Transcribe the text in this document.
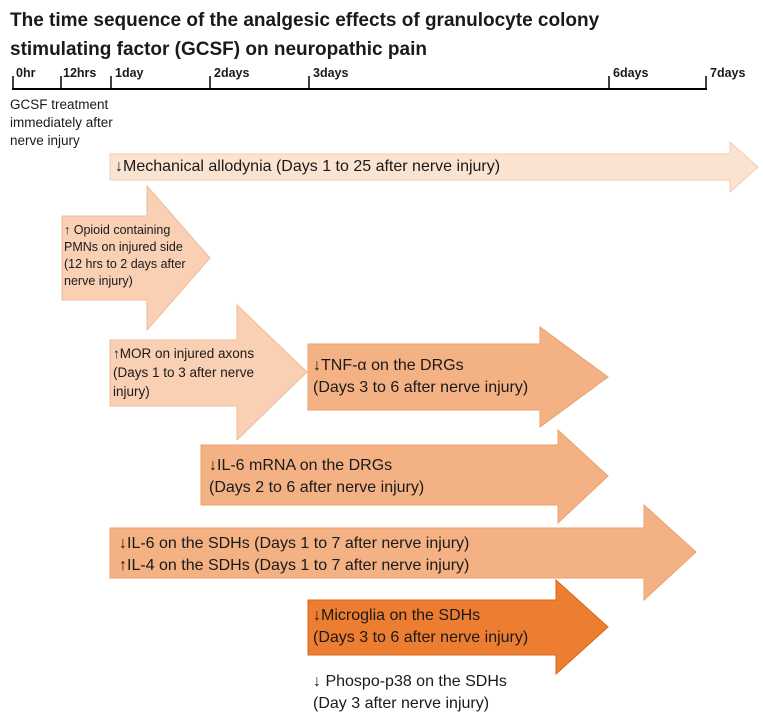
The time sequence of the analgesic effects of granulocyte colony
stimulating factor (GCSF) on neuropathic pain
0hr 12hrs 1day	2days	3days	6days	7days
GCSF treatment
immediately after
nerve injury
↓Mechanical allodynia (Days 1 to 25 after nerve injury)
↑ Opioid containing
PMNs on injured side
(12 hrs to 2 days after
nerve injury)
↑MOR on injured axons
(Days 1 to 3 after nerve
injury)
↓TNF-α on the DRGs
(Days 3 to 6 after nerve injury)
↓IL-6 mRNA on the DRGs
(Days 2 to 6 after nerve injury)
↓IL-6 on the SDHs (Days 1 to 7 after nerve injury)
↑IL-4 on the SDHs (Days 1 to 7 after nerve injury)
↓Microglia on the SDHs
(Days 3 to 6 after nerve injury)
↓ Phospo-p38 on the SDHs
(Day 3 after nerve injury)
